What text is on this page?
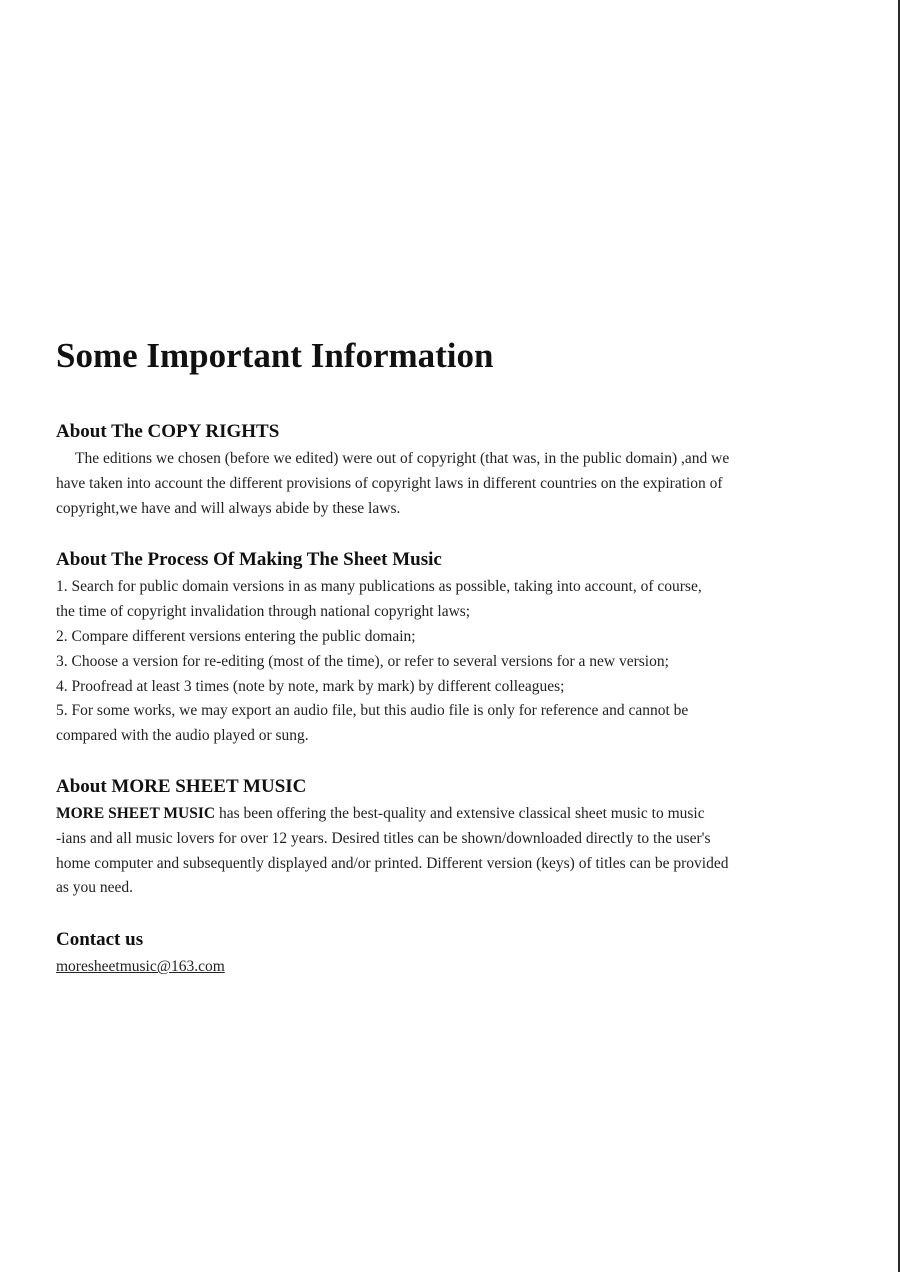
Some Important Information
About The COPY RIGHTS

The editions we chosen (before we edited) were out of copyright (that was, in the public domain) ,and we
have taken into account the different provisions of copyright laws in different countries on the expiration of
copyright,we have and will always abide by these laws.

About The Process Of Making The Sheet Music

1. Search for public domain versions in as many publications as possible, taking into account, of course,
the time of copyright invalidation through national copyright laws;
2. Compare different versions entering the public domain;
3. Choose a version for re-editing (most of the time), or refer to several versions for a new version;
4. Proofread at least 3 times (note by note, mark by mark) by different colleagues;
5. For some works, we may export an audio file, but this audio file is only for reference and cannot be
compared with the audio played or sung.

About MORE SHEET MUSIC

MORE SHEET MUSIC has been offering the best-quality and extensive classical sheet music to music
-ians and all music lovers for over 12 years. Desired titles can be shown/downloaded directly to the user's
home computer and subsequently displayed and/or printed. Different version (keys) of titles can be provided
as you need.

Contact us
moresheetmusic@163.com
